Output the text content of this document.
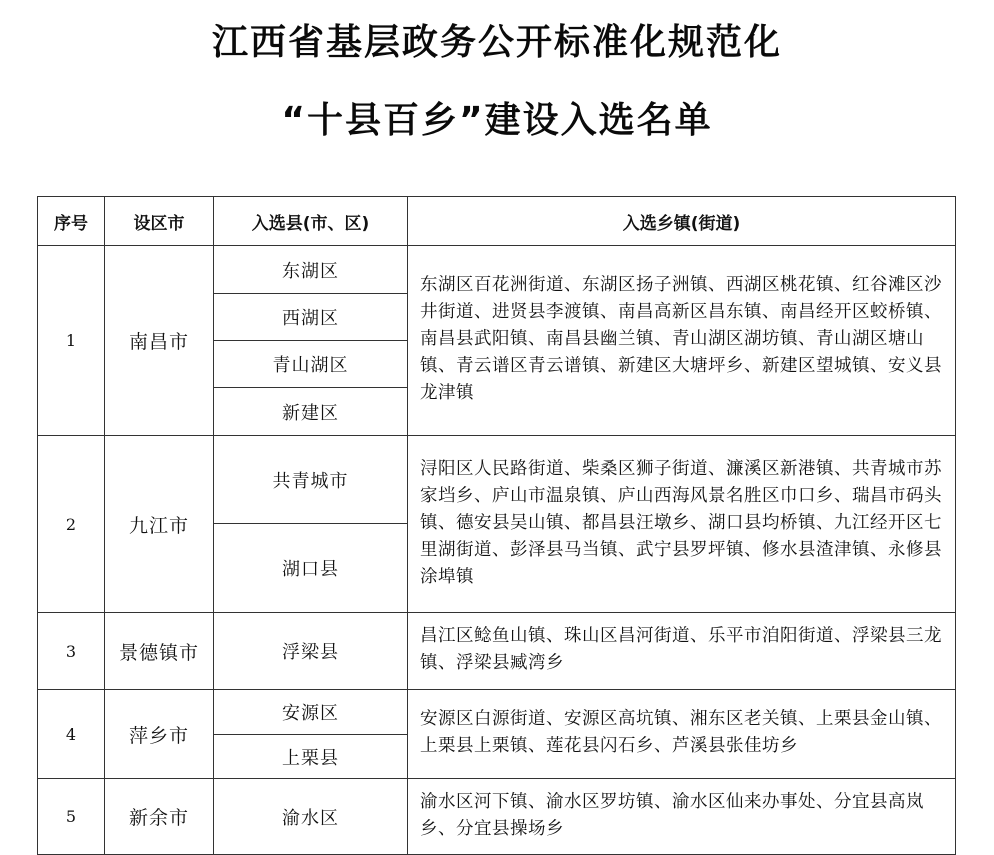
江西省基层政务公开标准化规范化
“十县百乡”建设入选名单
序号	设区市	入选县(市、区)	入选乡镇(街道)
1	南昌市	东湖区	东湖区百花洲街道、东湖区扬子洲镇、西湖区桃花镇、红谷滩区沙井街道、进贤县李渡镇、南昌高新区昌东镇、南昌经开区蛟桥镇、南昌县武阳镇、南昌县幽兰镇、青山湖区湖坊镇、青山湖区塘山镇、青云谱区青云谱镇、新建区大塘坪乡、新建区望城镇、安义县龙津镇
		西湖区	
		青山湖区	
		新建区	
2	九江市	共青城市	浔阳区人民路街道、柴桑区狮子街道、濂溪区新港镇、共青城市苏家垱乡、庐山市温泉镇、庐山西海风景名胜区巾口乡、瑞昌市码头镇、德安县吴山镇、都昌县汪墩乡、湖口县均桥镇、九江经开区七里湖街道、彭泽县马当镇、武宁县罗坪镇、修水县渣津镇、永修县涂埠镇
		湖口县	
3	景德镇市	浮梁县	昌江区鲶鱼山镇、珠山区昌河街道、乐平市洎阳街道、浮梁县三龙镇、浮梁县臧湾乡
4	萍乡市	安源区	安源区白源街道、安源区高坑镇、湘东区老关镇、上栗县金山镇、上栗县上栗镇、莲花县闪石乡、芦溪县张佳坊乡
		上栗县	
5	新余市	渝水区	渝水区河下镇、渝水区罗坊镇、渝水区仙来办事处、分宜县高岚乡、分宜县操场乡
